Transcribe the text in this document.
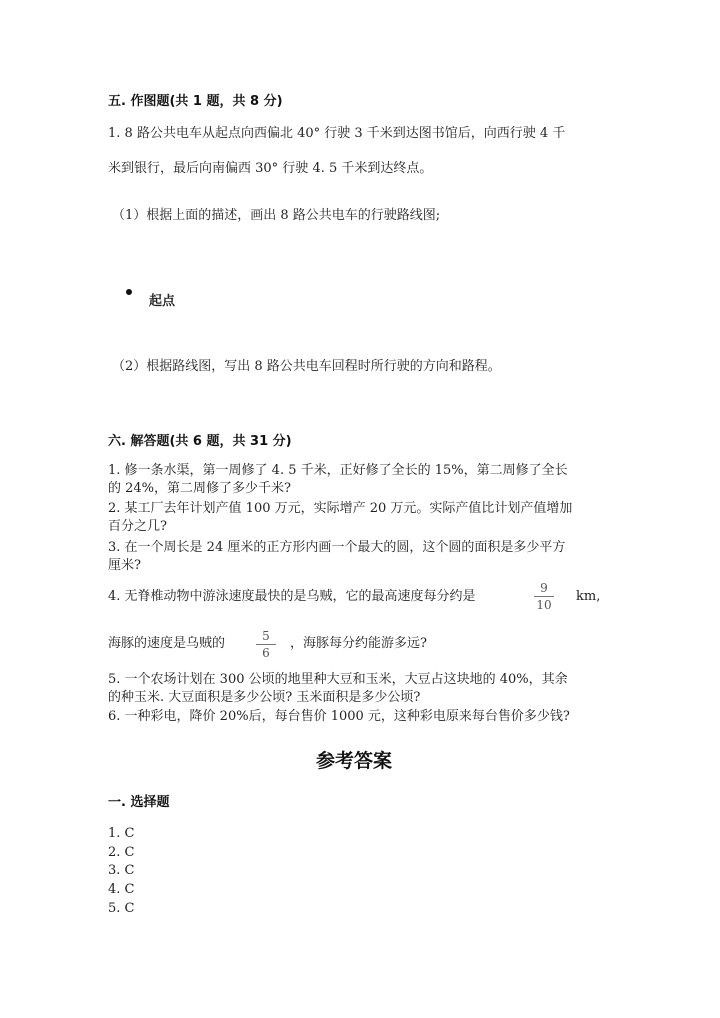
五. 作图题(共 1 题，共 8 分)
1. 8 路公共电车从起点向西偏北 40° 行驶 3 千米到达图书馆后，向西行驶 4 千
米到银行，最后向南偏西 30° 行驶 4. 5 千米到达终点。
（1）根据上面的描述，画出 8 路公共电车的行驶路线图;
起点
（2）根据路线图，写出 8 路公共电车回程时所行驶的方向和路程。
六. 解答题(共 6 题，共 31 分)
1. 修一条水渠，第一周修了 4. 5 千米，正好修了全长的 15%，第二周修了全长
的 24%，第二周修了多少千米?
2. 某工厂去年计划产值 100 万元，实际增产 20 万元。实际产值比计划产值增加
百分之几?
3. 在一个周长是 24 厘米的正方形内画一个最大的圆，这个圆的面积是多少平方
厘米?
4. 无脊椎动物中游泳速度最快的是乌贼，它的最高速度每分约是
9
10
km,
海豚的速度是乌贼的	5
6
，海豚每分约能游多远?
5. 一个农场计划在 300 公顷的地里种大豆和玉米，大豆占这块地的 40%，其余
的种玉米. 大豆面积是多少公顷? 玉米面积是多少公顷?
6. 一种彩电，降价 20%后，每台售价 1000 元，这种彩电原来每台售价多少钱?
参考答案
一. 选择题
1. C
2. C
3. C
4. C
5. C
